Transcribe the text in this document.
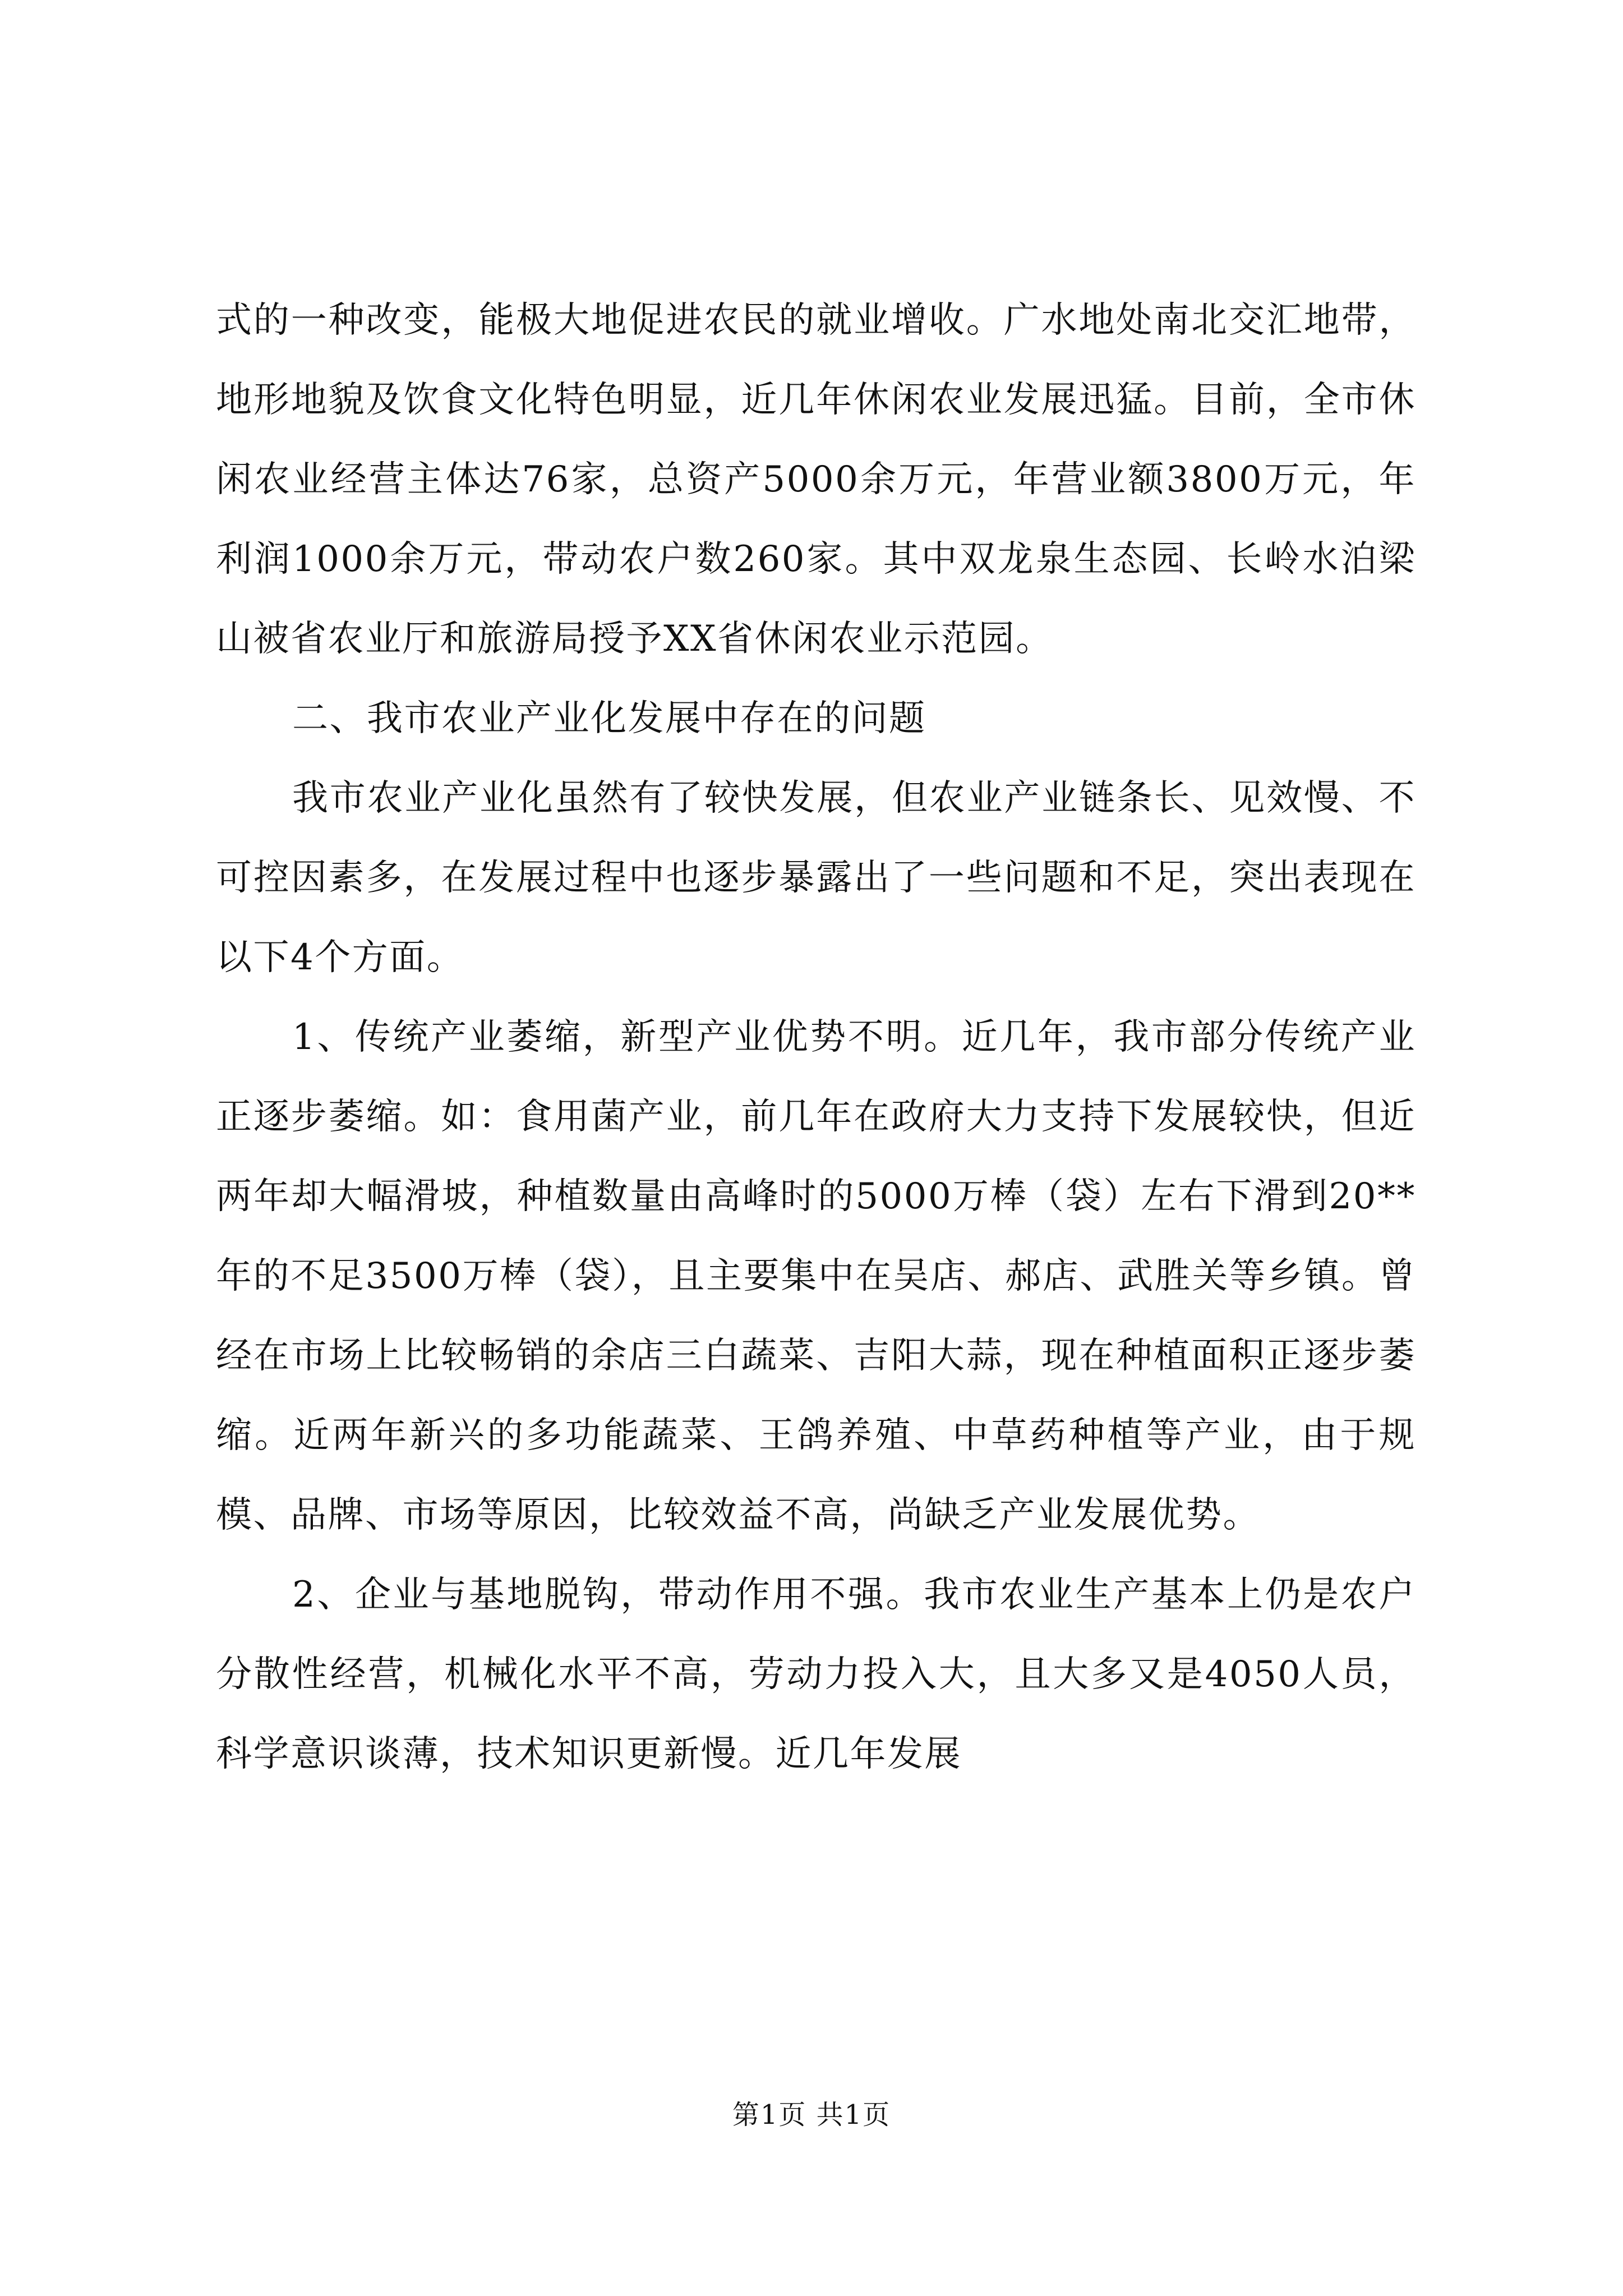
式的一种改变，能极大地促进农民的就业增收。广水地处南北交汇地带，地形地貌及饮食文化特色明显，近几年休闲农业发展迅猛。目前，全市休闲农业经营主体达76家，总资产5000余万元，年营业额3800万元，年利润1000余万元，带动农户数260家。其中双龙泉生态园、长岭水泊梁山被省农业厅和旅游局授予XX省休闲农业示范园。

二、我市农业产业化发展中存在的问题

我市农业产业化虽然有了较快发展，但农业产业链条长、见效慢、不可控因素多，在发展过程中也逐步暴露出了一些问题和不足，突出表现在以下4个方面。

1、传统产业萎缩，新型产业优势不明。近几年，我市部分传统产业正逐步萎缩。如：食用菌产业，前几年在政府大力支持下发展较快，但近两年却大幅滑坡，种植数量由高峰时的5000万棒（袋）左右下滑到20**年的不足3500万棒（袋），且主要集中在吴店、郝店、武胜关等乡镇。曾经在市场上比较畅销的余店三白蔬菜、吉阳大蒜，现在种植面积正逐步萎缩。近两年新兴的多功能蔬菜、王鸽养殖、中草药种植等产业，由于规模、品牌、市场等原因，比较效益不高，尚缺乏产业发展优势。

2、企业与基地脱钩，带动作用不强。我市农业生产基本上仍是农户分散性经营，机械化水平不高，劳动力投入大，且大多又是4050人员，科学意识谈薄，技术知识更新慢。近几年发展

第1页 共1页
